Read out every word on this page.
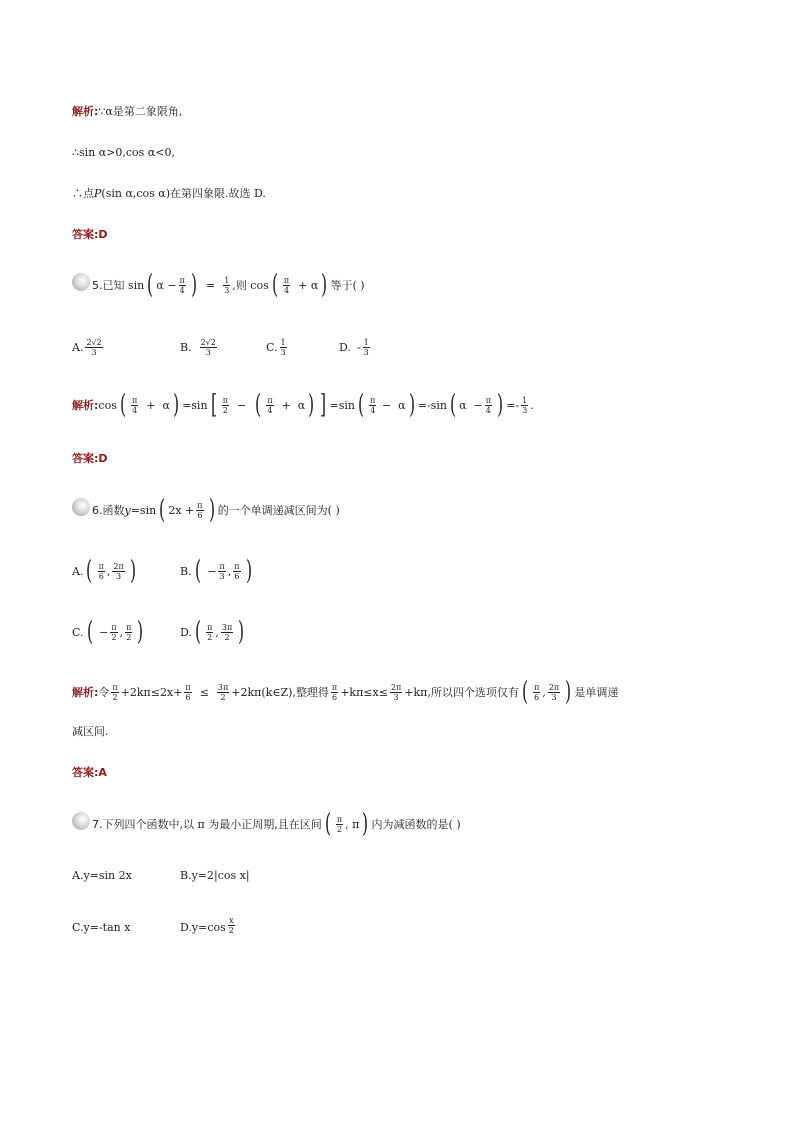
解析: ∵α是第二象限角,
∴sin α>0,cos α<0,
∴点 P (sin α,cos α)在第四象限.故选 D.
答案:D
5. 已知 sin ( $\alpha - \frac{\pi}{4}$ ) = $\frac{1}{3}$ ,则 cos ( $\frac{\pi}{4} + \alpha$ ) 等于( )
A. $\frac{2√2}{3}$	B. $\frac{2√2}{3}$	C. $\frac{1}{3}$	D. - $\frac{1}{3}$
解析: cos ( $\frac{\pi}{4} + \alpha$ ) =sin [ $\frac{\pi}{2}$ − ( $\frac{\pi}{4} + \alpha$ ) ] =sin ( $\frac{\pi}{4} - \alpha$ ) =-sin ( $\alpha - \frac{\pi}{4}$ ) =- $\frac{1}{3}$ .
答案:D
6. 函数 y =sin ( $2x + \frac{\pi}{6}$ ) 的一个单调递减区间为( )
A. ( $\frac{\pi}{6}$ , $\frac{2\pi}{3}$ )	B. ( − $\frac{\pi}{3}$ , $\frac{\pi}{6}$ )
C. ( − $\frac{\pi}{2}$ , $\frac{\pi}{2}$ )	D. ( $\frac{\pi}{2}$ , $\frac{3\pi}{2}$ )
解析: 令 $\frac{\pi}{2} +2k\pi\le 2x+ \frac{\pi}{6} \le \frac{3\pi}{2}$ +2kπ(k∈Z),整理得 $\frac{\pi}{6} +k\pi\le x\le \frac{2\pi}{3} +k\pi$,所以四个选项仅有 ( $\frac{\pi}{6}$ , $\frac{2\pi}{3}$ ) 是单调递
减区间.
答案:A
7. 下列四个函数中,以 π 为最小正周期,且在区间 ( $\frac{\pi}{2}$ , π ) 内为减函数的是( )
A.y=sin 2x	B.y=2|cos x|
C.y=-tan x	$D.y=\cos \frac{x}{2}$
